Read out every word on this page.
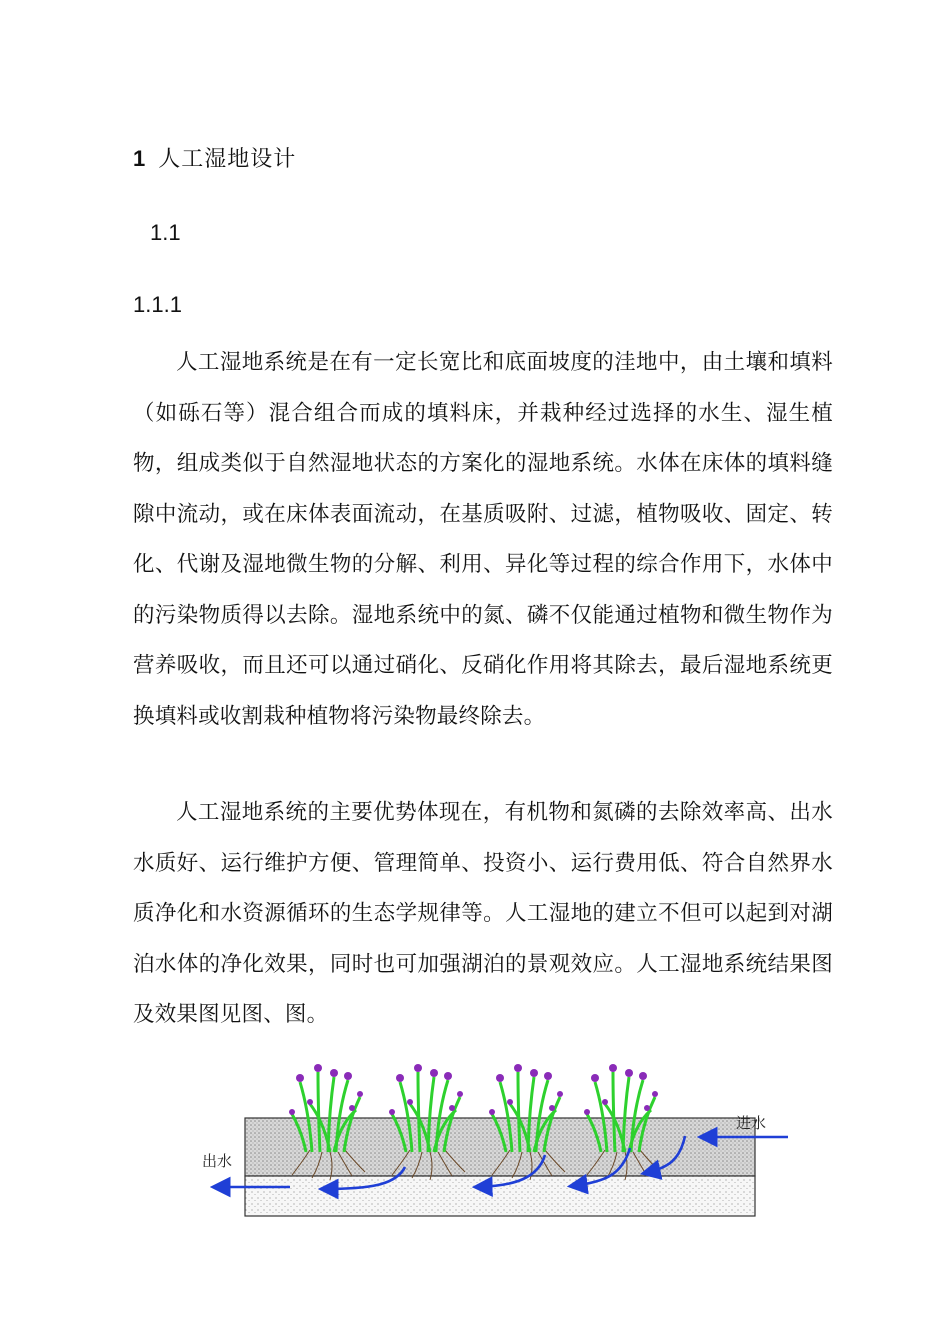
1 人工湿地设计
1.1
1.1.1

人工湿地系统是在有一定长宽比和底面坡度的洼地中，由土壤和填料（如砾石等）混合组合而成的填料床，并栽种经过选择的水生、湿生植物，组成类似于自然湿地状态的方案化的湿地系统。水体在床体的填料缝隙中流动，或在床体表面流动，在基质吸附、过滤，植物吸收、固定、转化、代谢及湿地微生物的分解、利用、异化等过程的综合作用下，水体中的污染物质得以去除。湿地系统中的氮、磷不仅能通过植物和微生物作为营养吸收，而且还可以通过硝化、反硝化作用将其除去，最后湿地系统更换填料或收割栽种植物将污染物最终除去。

人工湿地系统的主要优势体现在，有机物和氮磷的去除效率高、出水水质好、运行维护方便、管理简单、投资小、运行费用低、符合自然界水质净化和水资源循环的生态学规律等。人工湿地的建立不但可以起到对湖泊水体的净化效果，同时也可加强湖泊的景观效应。人工湿地系统结果图及效果图见图、图。

进水
出水
